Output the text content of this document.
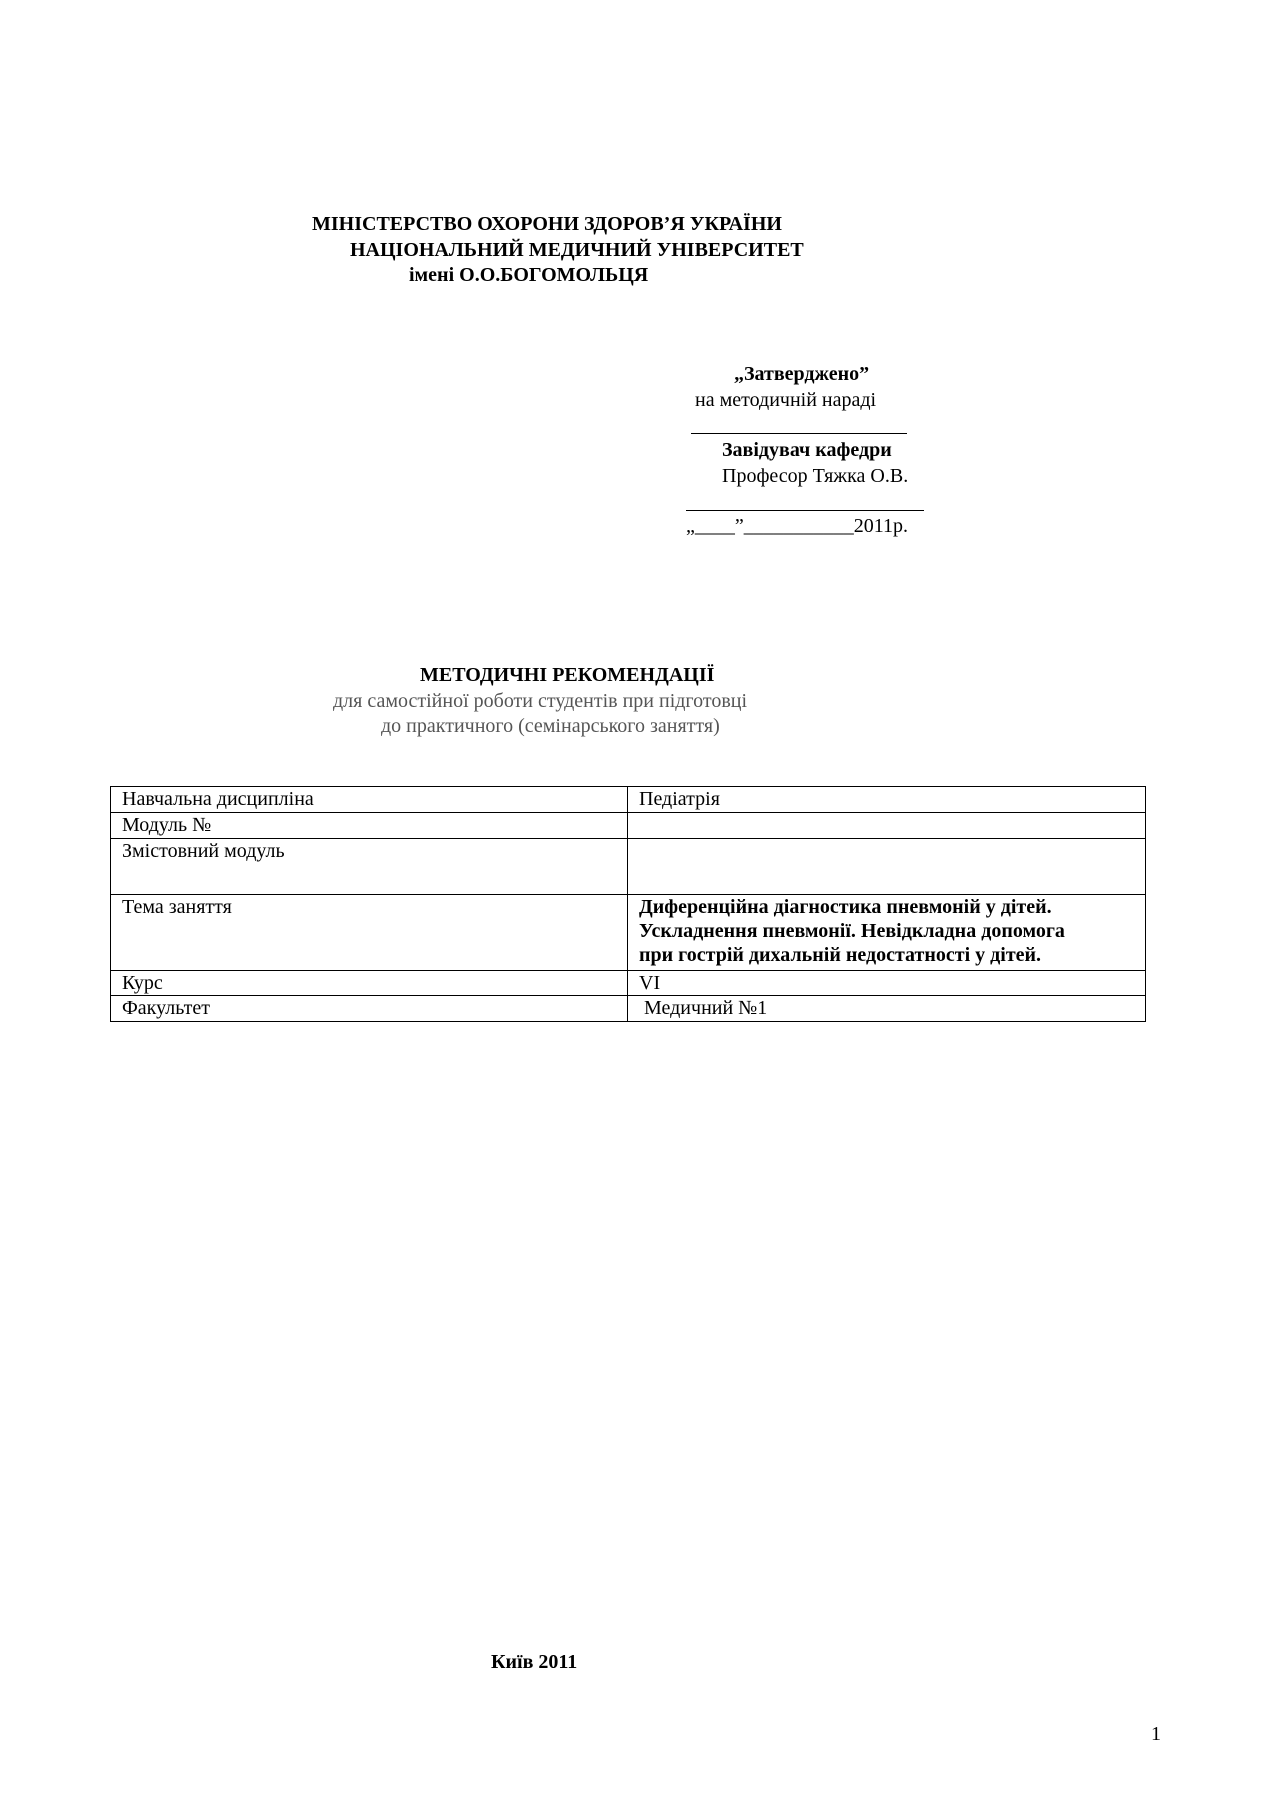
МІНІСТЕРСТВО ОХОРОНИ ЗДОРОВ’Я УКРАЇНИ
НАЦІОНАЛЬНИЙ МЕДИЧНИЙ УНІВЕРСИТЕТ
імені О.О.БОГОМОЛЬЦЯ
„Затверджено”
на методичній нараді
Завідувач кафедри
Професор Тяжка О.В.
„____”___________2011р.
МЕТОДИЧНІ РЕКОМЕНДАЦІЇ
для самостійної роботи студентів при підготовці
до практичного (семінарського заняття)
Навчальна дисципліна	Педіатрія
Модуль №	
Змістовний модуль	
Тема заняття	Диференційна діагностика пневмоній у дітей.
Ускладнення пневмонії. Невідкладна допомога
при гострій дихальній недостатності у дітей.

Курс	VI
Факультет	Медичний №1
Київ 2011
1
